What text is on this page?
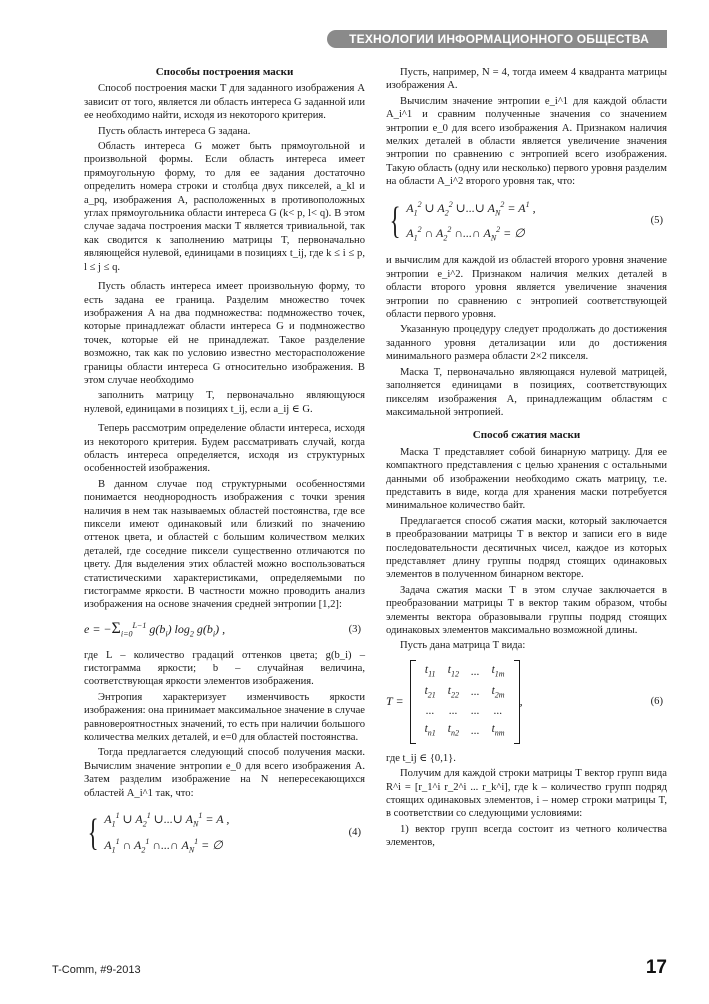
ТЕХНОЛОГИИ ИНФОРМАЦИОННОГО ОБЩЕСТВА
Способы построения маски

Способ построения маски T для заданного изображения A зависит от того, является ли область интереса G заданной или ее необходимо найти, исходя из некоторого критерия.

Пусть область интереса G задана.

Область интереса G может быть прямоугольной и произвольной формы. Если область интереса имеет прямоугольную форму, то для ее задания достаточно определить номера строки и столбца двух пикселей, a_kl и a_pq, изображения A, расположенных в противоположных углах прямоугольника области интереса G (k< p, l< q). В этом случае задача построения маски T является тривиальной, так как сводится к заполнению матрицы T, первоначально являющейся нулевой, единицами в позициях t_ij, где k ≤ i ≤ p, l ≤ j ≤ q.

Пусть область интереса имеет произвольную форму, то есть задана ее граница. Разделим множество точек изображения A на два подмножества: подмножество точек, которые принадлежат области интереса G и подмножество точек, которые ей не принадлежат. Такое разделение возможно, так как по условию известно месторасположение границы области интереса G относительно изображения. В этом случае необходимо

заполнить матрицу T, первоначально являющуюся нулевой, единицами в позициях t_ij, если a_ij ∈ G.

Теперь рассмотрим определение области интереса, исходя из некоторого критерия. Будем рассматривать случай, когда область интереса определяется, исходя из структурных особенностей изображения.

В данном случае под структурными особенностями понимается неоднородность изображения с точки зрения наличия в нем так называемых областей постоянства, где все пиксели имеют одинаковый или близкий по значению оттенок цвета, и областей с большим количеством мелких деталей, где соседние пиксели существенно отличаются по цвету. Для выделения этих областей можно воспользоваться статистическими характеристиками, определяемыми по гистограмме яркости. В частности можно проводить анализ изображения на основе значения средней энтропии [1,2]:

$e = -\Sigma_{i=0}^{L-1}$ $g(b_i)$ $\log_2 g(b_i)$ ,	(3)

где L – количество градаций оттенков цвета; g(b_i) – гистограмма яркости; b – случайная величина, соответствующая яркости элементов изображения.

Энтропия характеризует изменчивость яркости изображения: она принимает максимальное значение в случае равновероятностных значений, то есть при наличии большого количества мелких деталей, и e=0 для областей постоянства.

Тогда предлагается следующий способ получения маски. Вычислим значение энтропии e_0 для всего изображения A. Затем разделим изображение на N непересекающихся областей A_i^1 так, что:

{ $A_1^1$ ∪ $A_2^1$ ∪...∪ $A_N^1 = A$ ,
$A_1^1$ ∩ $A_2^1$ ∩...∩ $A_N^1$ = ∅
(4)

Пусть, например, N = 4, тогда имеем 4 квадранта матрицы изображения A.

Вычислим значение энтропии e_i^1 для каждой области A_i^1 и сравним полученные значения со значением энтропии e_0 для всего изображения A. Признаком наличия мелких деталей в области является увеличение значения энтропии по сравнению с энтропией всего изображения. Такую область (одну или несколько) первого уровня разделим на области A_i^2 второго уровня так, что:

{ $A_1^2$ ∪ $A_2^2$ ∪...∪ $A_N^2 = A^1$ ,
$A_1^2$ ∩ $A_2^2$ ∩...∩ $A_N^2$ = ∅
(5)

и вычислим для каждой из областей второго уровня значение энтропии e_i^2. Признаком наличия мелких деталей в области второго уровня является увеличение значения энтропии по сравнению с энтропией соответствующей области первого уровня.

Указанную процедуру следует продолжать до достижения заданного уровня детализации или до достижения минимального размера области 2×2 пикселя.

Маска T, первоначально являющаяся нулевой матрицей, заполняется единицами в позициях, соответствующих пикселям изображения A, принадлежащим областям с максимальной энтропией.

Способ сжатия маски

Маска T представляет собой бинарную матрицу. Для ее компактного представления с целью хранения с остальными данными об изображении необходимо сжать матрицу, т.е. представить в виде, когда для хранения маски потребуется минимальное количество байт.

Предлагается способ сжатия маски, который заключается в преобразовании матрицы T в вектор и записи его в виде последовательности десятичных чисел, каждое из которых представляет длину группы подряд стоящих одинаковых элементов в полученном бинарном векторе.

Задача сжатия маски T в этом случае заключается в преобразовании матрицы T в вектор таким образом, чтобы элементы вектора образовывали группы подряд стоящих одинаковых элементов максимально возможной длины.

Пусть дана матрица T вида:

T =
$t_{11}$	$t_{12}$	...	$t_{1m}$
$t_{21}$	$t_{22}$	...	$t_{2m}$
...	...	...	...
$t_{n1}$	$t_{n2}$	...	$t_{nm}$
,	(6)

где t_ij ∈ {0,1}.

Получим для каждой строки матрицы T вектор групп вида R^i = [r_1^i r_2^i ... r_k^i], где k – количество групп подряд стоящих одинаковых элементов, i – номер строки матрицы T, в соответствии со следующими условиями:

1) вектор групп всегда состоит из четного количества элементов,

T-Comm, #9-2013	17
